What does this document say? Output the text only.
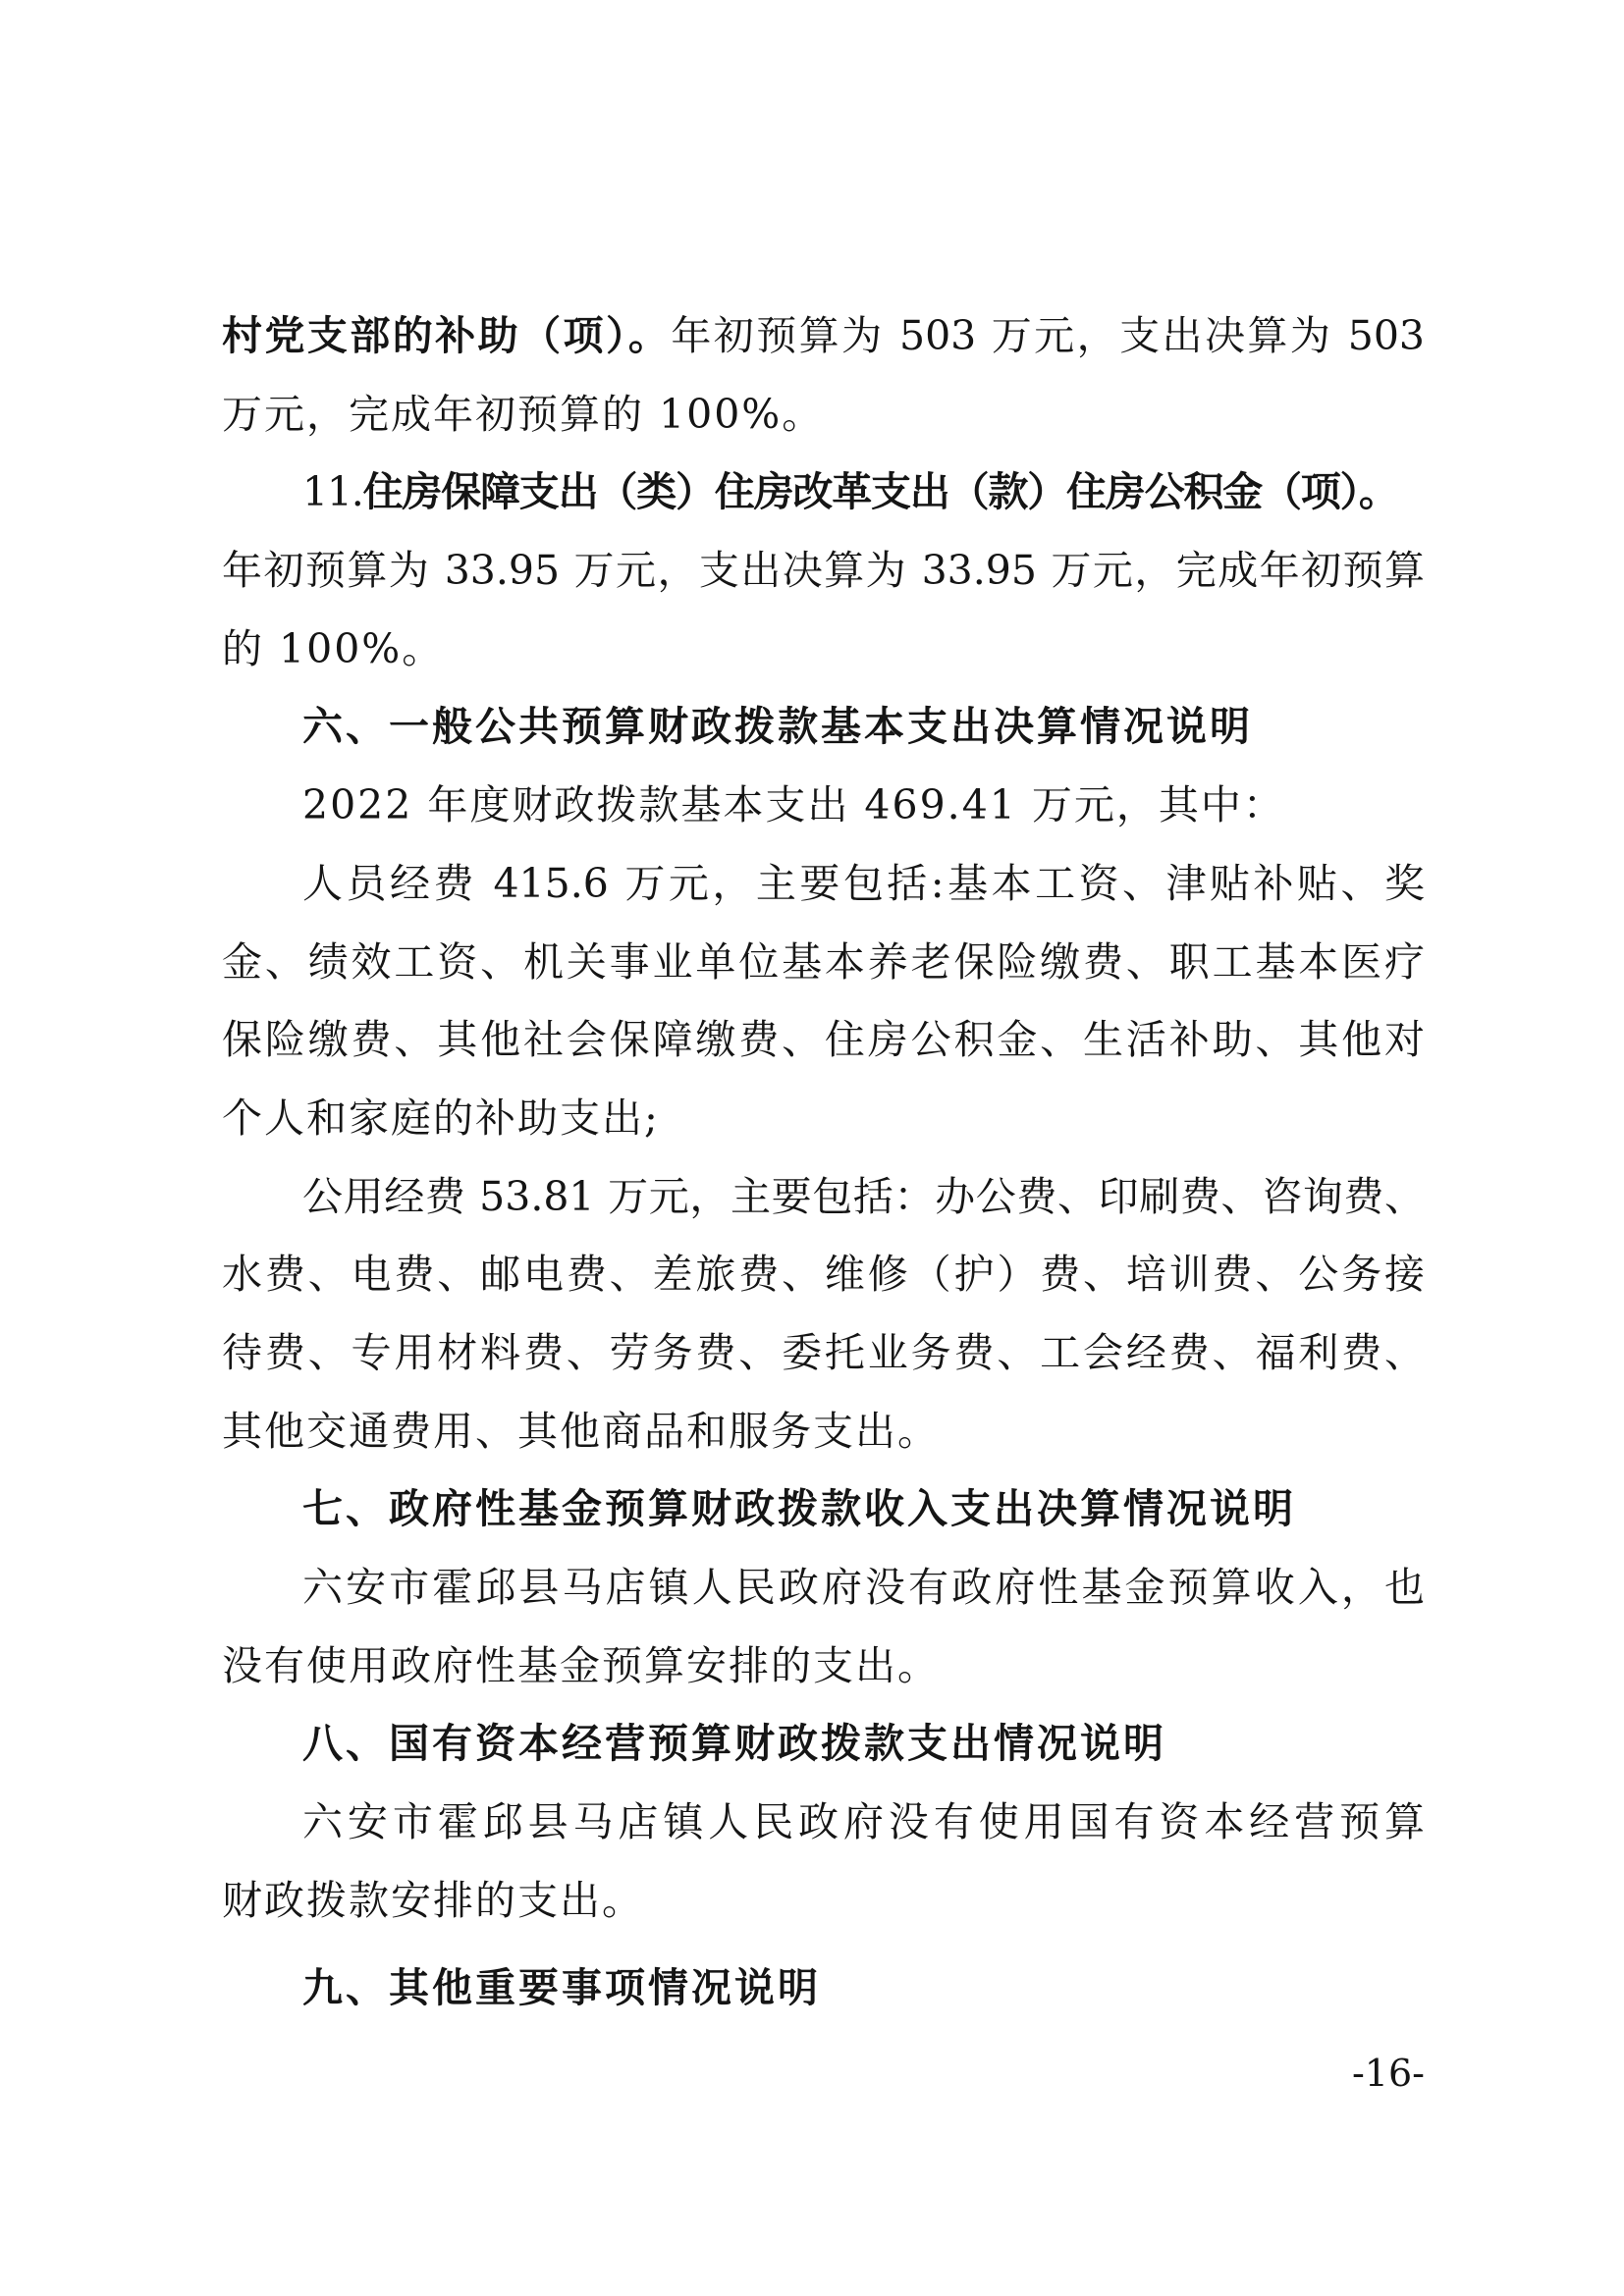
村党支部的补助（项）。年初预算为 503 万元，支出决算为 503
万元，完成年初预算的 100%。
11.住房保障支出（类）住房改革支出（款）住房公积金（项）。
年初预算为 33.95 万元，支出决算为 33.95 万元，完成年初预算
的 100%。
六、一般公共预算财政拨款基本支出决算情况说明
2022 年度财政拨款基本支出 469.41 万元，其中：
人员经费 415.6 万元，主要包括:基本工资、津贴补贴、奖
金、绩效工资、机关事业单位基本养老保险缴费、职工基本医疗
保险缴费、其他社会保障缴费、住房公积金、生活补助、其他对
个人和家庭的补助支出;
公用经费 53.81 万元，主要包括：办公费、印刷费、咨询费、
水费、电费、邮电费、差旅费、维修（护）费、培训费、公务接
待费、专用材料费、劳务费、委托业务费、工会经费、福利费、
其他交通费用、其他商品和服务支出。
七、政府性基金预算财政拨款收入支出决算情况说明
六安市霍邱县马店镇人民政府没有政府性基金预算收入，也
没有使用政府性基金预算安排的支出。
八、国有资本经营预算财政拨款支出情况说明
六安市霍邱县马店镇人民政府没有使用国有资本经营预算
财政拨款安排的支出。
九、其他重要事项情况说明
-16-
